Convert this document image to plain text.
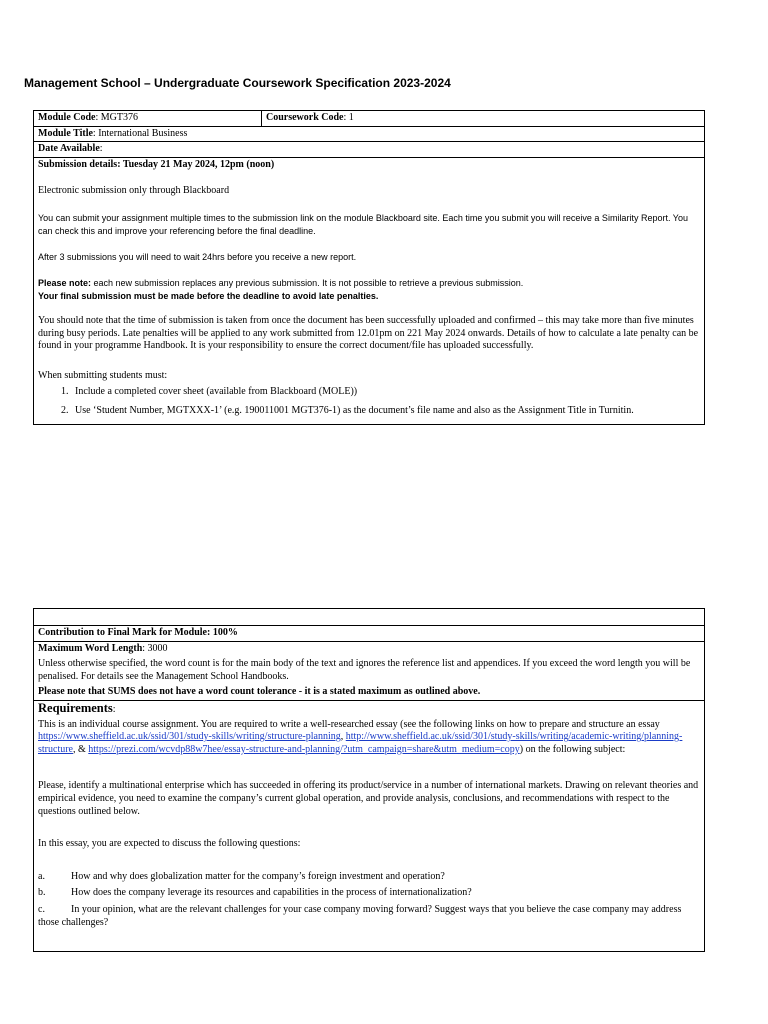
Management School – Undergraduate Coursework Specification 2023-2024
Module Code: MGT376	Coursework Code: 1
Module Title: International Business
Date Available:

Submission details: Tuesday 21 May 2024, 12pm (noon)

Electronic submission only through Blackboard

You can submit your assignment multiple times to the submission link on the module Blackboard site. Each time you submit you will receive a Similarity Report. You can check this and improve your referencing before the final deadline.

After 3 submissions you will need to wait 24hrs before you receive a new report.

Please note: each new submission replaces any previous submission. It is not possible to retrieve a previous submission.

Your final submission must be made before the deadline to avoid late penalties.

You should note that the time of submission is taken from once the document has been successfully uploaded and confirmed – this may take more than five minutes during busy periods. Late penalties will be applied to any work submitted from 12.01pm on 221 May 2024 onwards. Details of how to calculate a late penalty can be found in your programme Handbook. It is your responsibility to ensure the correct document/file has uploaded successfully.

When submitting students must:

1. Include a completed cover sheet (available from Blackboard (MOLE))
2. Use ‘Student Number, MGTXXX-1’ (e.g. 190011001 MGT376-1) as the document’s file name and also as the Assignment Title in Turnitin.
Contribution to Final Mark for Module: 100%

Maximum Word Length: 3000

Unless otherwise specified, the word count is for the main body of the text and ignores the reference list and appendices. If you exceed the word length you will be penalised. For details see the Management School Handbooks.

Please note that SUMS does not have a word count tolerance - it is a stated maximum as outlined above.

Requirements:

This is an individual course assignment. You are required to write a well-researched essay (see the following links on how to prepare and structure an essay https://www.sheffield.ac.uk/ssid/301/study-skills/writing/structure-planning, http://www.sheffield.ac.uk/ssid/301/study-skills/writing/academic-writing/planning-structure, & https://prezi.com/wcvdp88w7hee/essay-structure-and-planning/?utm_campaign=share&utm_medium=copy) on the following subject:

Please, identify a multinational enterprise which has succeeded in offering its product/service in a number of international markets. Drawing on relevant theories and empirical evidence, you need to examine the company’s current global operation, and provide analysis, conclusions, and recommendations with respect to the questions outlined below.

In this essay, you are expected to discuss the following questions:

a.	How and why does globalization matter for the company’s foreign investment and operation?
b.	How does the company leverage its resources and capabilities in the process of internationalization?

c.	In your opinion, what are the relevant challenges for your case company moving forward? Suggest ways that you believe the case company may address those challenges?
